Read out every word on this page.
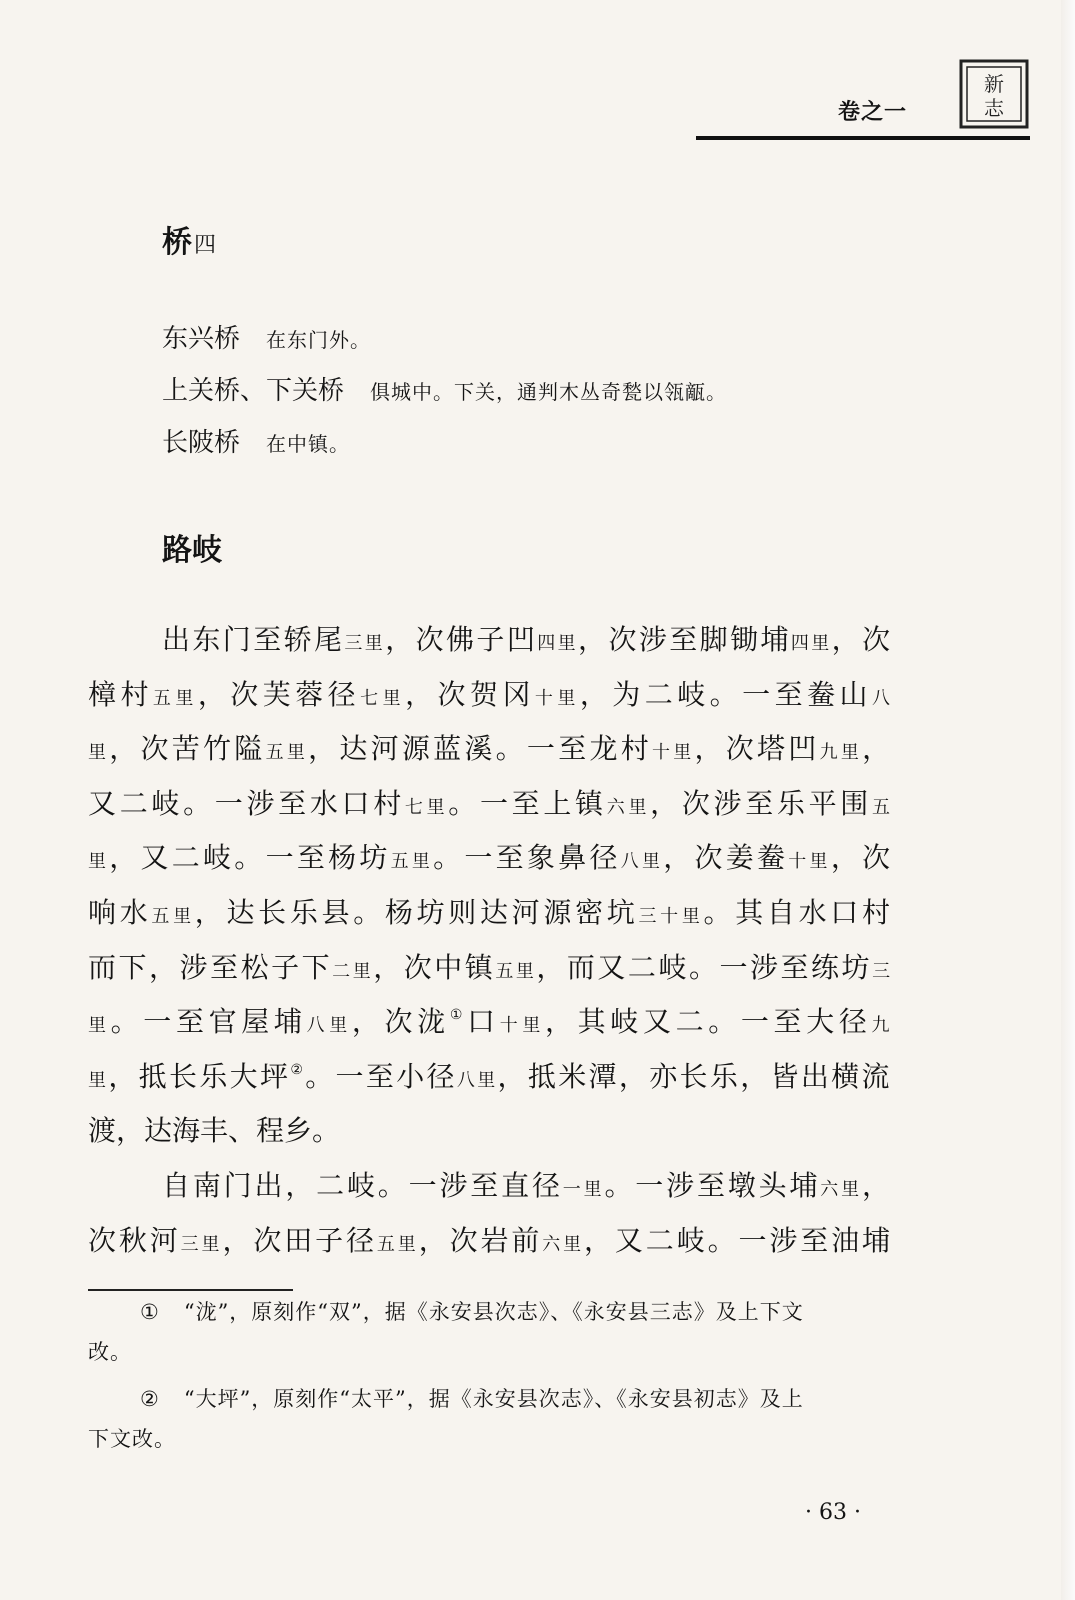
卷之一
新
志
桥四
东兴桥 在东门外。
上关桥、下关桥 俱城中。下关，通判木丛奇甃以瓴甋。
长陂桥 在中镇。
路岐
出东门至轿尾三里，次佛子凹四里，次涉至脚锄埔四里，次
樟村五里，次芙蓉径七里，次贺冈十里，为二岐。一至鲞山八
里，次苦竹隘五里，达河源蓝溪。一至龙村十里，次塔凹九里，
又二岐。一涉至水口村七里。一至上镇六里，次涉至乐平围五
里，又二岐。一至杨坊五里。一至象鼻径八里，次姜鲞十里，次
响水五里，达长乐县。杨坊则达河源密坑三十里。其自水口村
而下，涉至松子下二里，次中镇五里，而又二岐。一涉至练坊三
里。一至官屋埔八里，次泷①口十里，其岐又二。一至大径九
里，抵长乐大坪②。一至小径八里，抵米潭，亦长乐，皆出横流
渡，达海丰、程乡。
自南门出，二岐。一涉至直径一里。一涉至墩头埔六里，
次秋河三里，次田子径五里，次岩前六里，又二岐。一涉至油埔
① “泷”，原刻作“双”，据《永安县次志》、《永安县三志》及上下文
改。
② “大坪”，原刻作“太平”，据《永安县次志》、《永安县初志》及上
下文改。
· 63 ·
